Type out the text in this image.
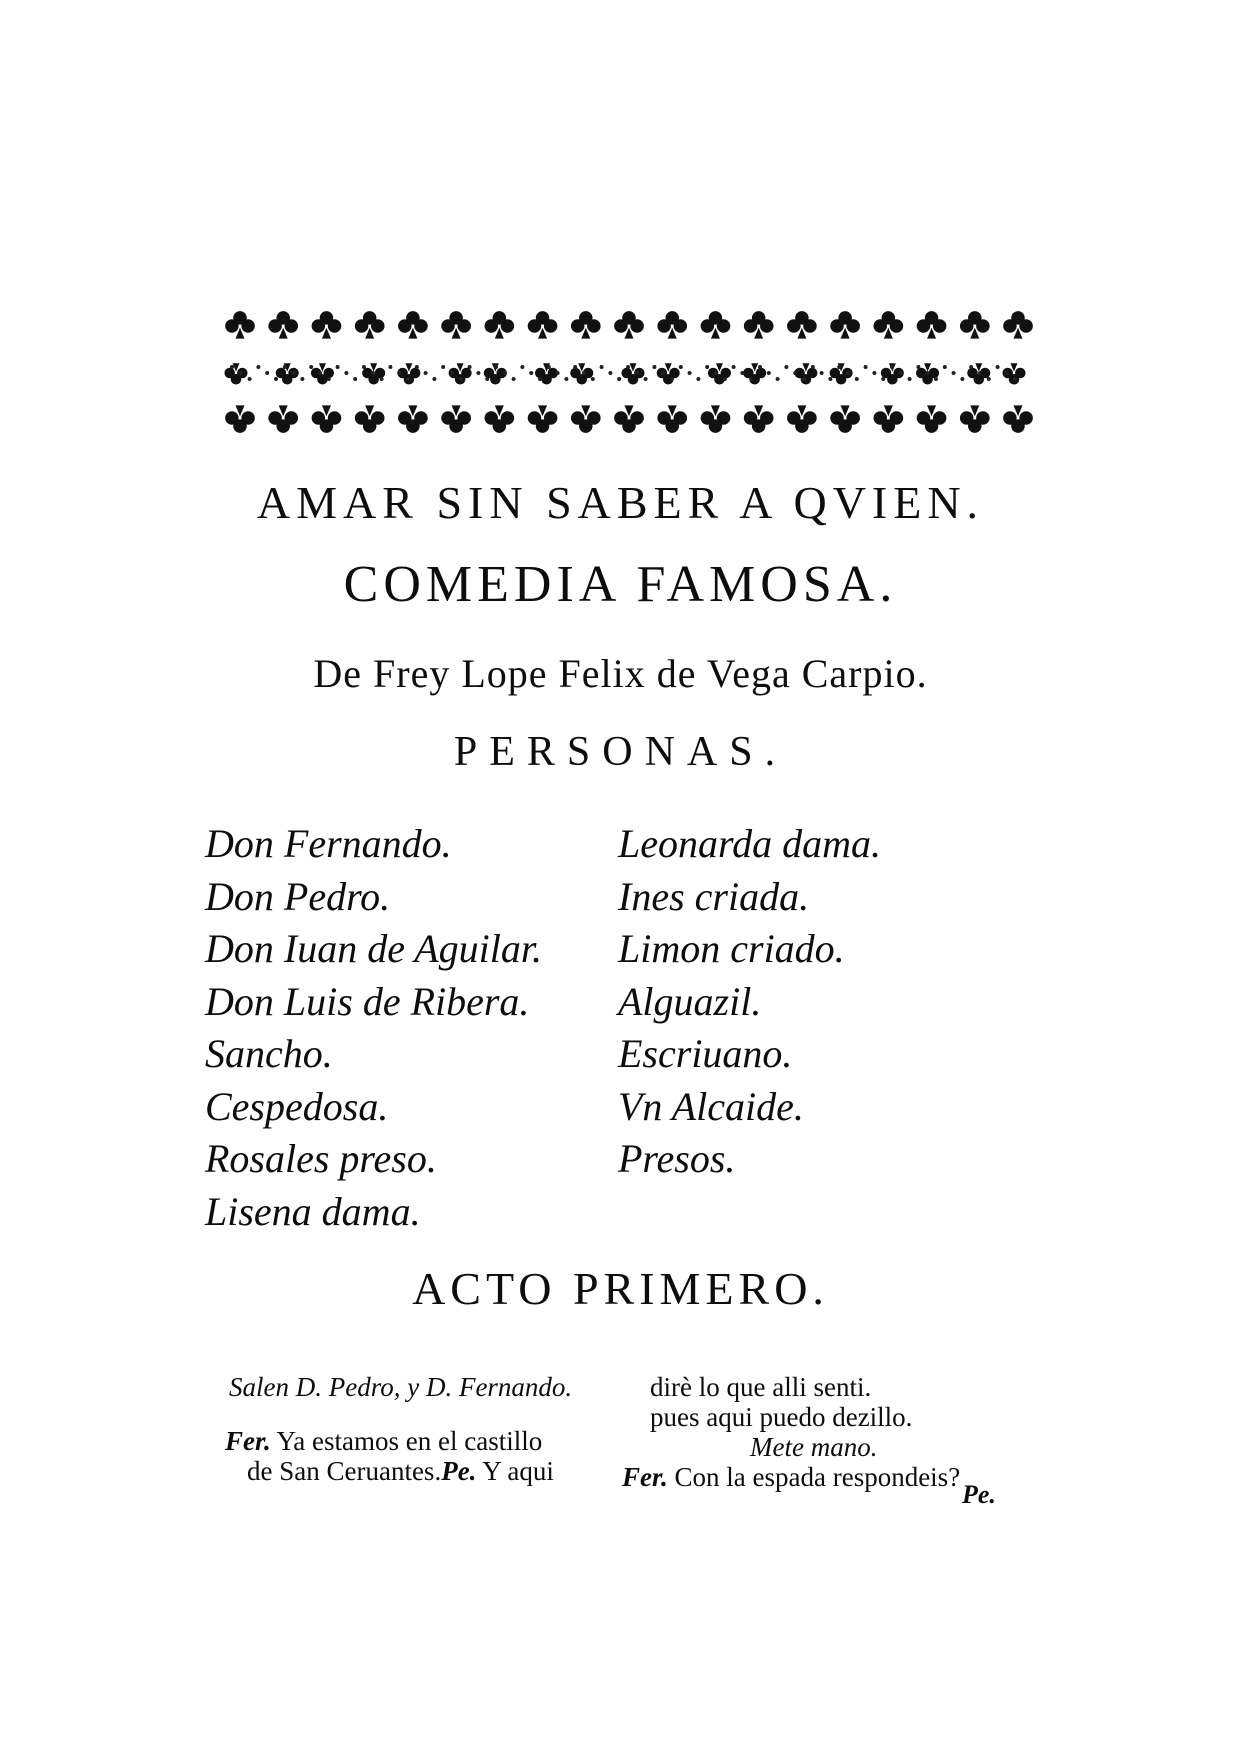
AMAR SIN SABER A QVIEN.
COMEDIA FAMOSA.
De Frey Lope Felix de Vega Carpio.
PERSONAS.
Don Fernando.
Don Pedro.
Don Iuan de Aguilar.
Don Luis de Ribera.
Sancho.
Cespedosa.
Rosales preso.
Lisena dama.
Leonarda dama.
Ines criada.
Limon criado.
Alguazil.
Escriuano.
Vn Alcaide.
Presos.
ACTO PRIMERO.
Salen D. Pedro, y D. Fernando.
Fer. Ya estamos en el castillo
de San Ceruantes.Pe. Y aqui
dirè lo que alli senti.
pues aqui puedo dezillo.
Mete mano.
Fer. Con la espada respondeis?
Pe.
